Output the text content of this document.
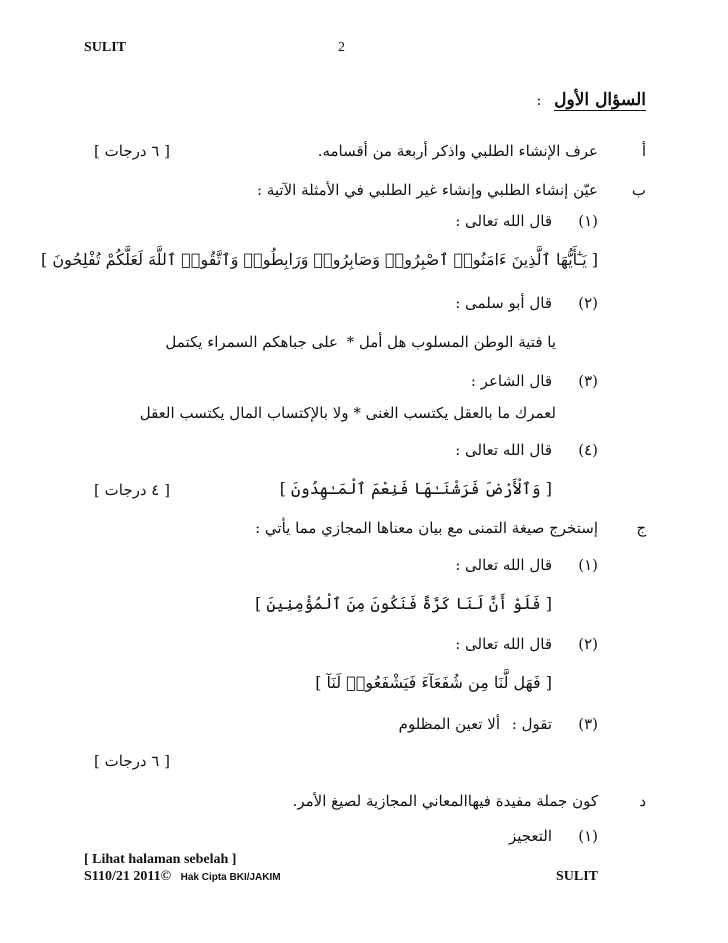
SULIT	2
السؤال الأول :
أ
عرف الإنشاء الطلبي واذكر أربعة من أقسامه.
[ ٦ درجات ]
ب
عيّن إنشاء الطلبي وإنشاء غير الطلبي في الأمثلة الآتية :
(١)
قال الله تعالى :
[ يَـٰٓأَيُّهَا ٱلَّذِينَ ءَامَنُوا۟ ٱصْبِرُوا۟ وَصَابِرُوا۟ وَرَابِطُوا۟ وَٱتَّقُوا۟ ٱللَّهَ لَعَلَّكُمْ تُفْلِحُونَ ]
(٢)
قال أبو سلمى :
يا فتية الوطن المسلوب هل أمل *
على جباهكم السمراء يكتمل
(٣)
قال الشاعر :
لعمرك ما بالعقل يكتسب الغنى * ولا بالإكتساب المال يكتسب العقل
(٤)
قال الله تعالى :
[ وَٱلْأَرْضَ فَرَشْنَـٰهَا فَنِعْمَ ٱلْمَـٰهِدُونَ ]
[ ٤ درجات ]
ج
إستخرج صيغة التمنى مع بيان معناها المجازي مما يأتي :
(١)
قال الله تعالى :
[ فَلَوْ أَنَّ لَنَا كَرَّةً فَنَكُونَ مِنَ ٱلْمُؤْمِنِينَ ]
(٢)
قال الله تعالى :
[ فَهَل لَّنَا مِن شُفَعَآءَ فَيَشْفَعُوا۟ لَنَآ ]
(٣)
تقول :
ألا تعين المظلوم
[ ٦ درجات ]
د
كون جملة مفيدة فيهاالمعاني المجازية لصيغ الأمر.
(١)
التعجيز
[ Lihat halaman sebelah ]
S110/21 2011© Hak Cipta BKI/JAKIM	SULIT
